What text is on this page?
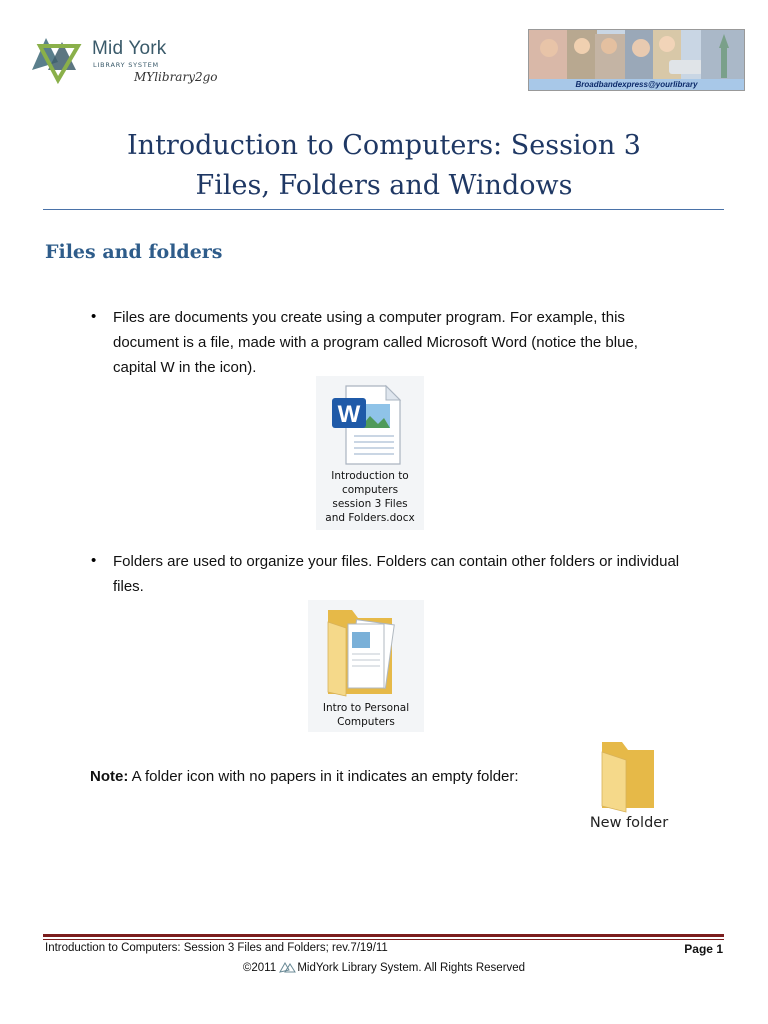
Mid York
LIBRARY SYSTEM
MYlibrary2go
Broadbandexpress@yourlibrary
Introduction to Computers: Session 3
Files, Folders and Windows
Files and folders
• Files are documents you create using a computer program. For example, this
document is a file, made with a program called Microsoft Word (notice the blue,
capital W in the icon).
W
Introduction to
computers
session 3 Files
and Folders.docx
• Folders are used to organize your files. Folders can contain other folders or individual
files.
Intro to Personal
Computers
Note: A folder icon with no papers in it indicates an empty folder:
New folder
Introduction to Computers: Session 3 Files and Folders; rev.7/19/11	Page 1
©2011 MidYork Library System. All Rights Reserved
